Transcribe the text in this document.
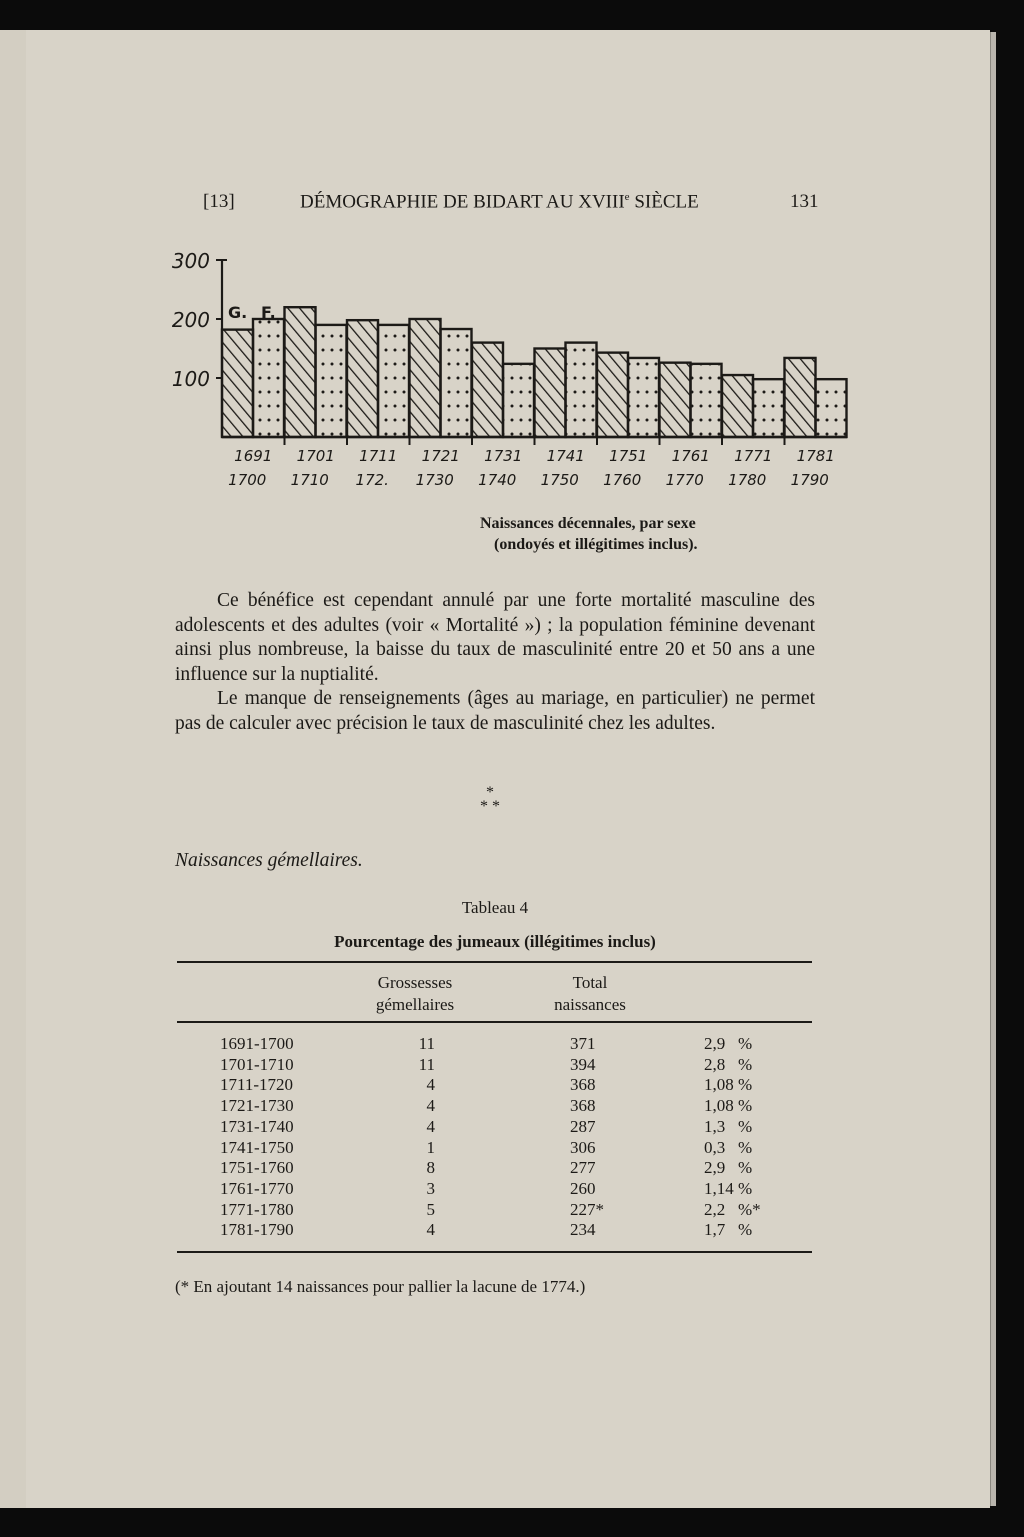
[13]	DÉMOGRAPHIE DE BIDART AU XVIIIe SIÈCLE	131
100
200
300
1691
1700
1701
1710
1711
172.
1721
1730
1731
1740
1741
1750
1751
1760
1761
1770
1771
1780
1781
1790
G. F.
Naissances décennales, par sexe
(ondoyés et illégitimes inclus).
Ce bénéfice est cependant annulé par une forte mortalité masculine des adolescents et des adultes (voir « Mortalité ») ; la population féminine devenant ainsi plus nombreuse, la baisse du taux de masculinité entre 20 et 50 ans a une influence sur la nuptialité.
Le manque de renseignements (âges au mariage, en particulier) ne permet pas de calculer avec précision le taux de masculinité chez les adultes.
*
* *
Naissances gémellaires.
Tableau 4
Pourcentage des jumeaux (illégitimes inclus)
Grossesses
gémellaires
Total
naissances
1691-1700	11	371	2,9   %
1701-1710	11	394	2,8   %
1711-1720	4	368	1,08 %
1721-1730	4	368	1,08 %
1731-1740	4	287	1,3   %
1741-1750	1	306	0,3   %
1751-1760	8	277	2,9   %
1761-1770	3	260	1,14 %
1771-1780	5	227*	2,2   %*
1781-1790	4	234	1,7   %
(* En ajoutant 14 naissances pour pallier la lacune de 1774.)
